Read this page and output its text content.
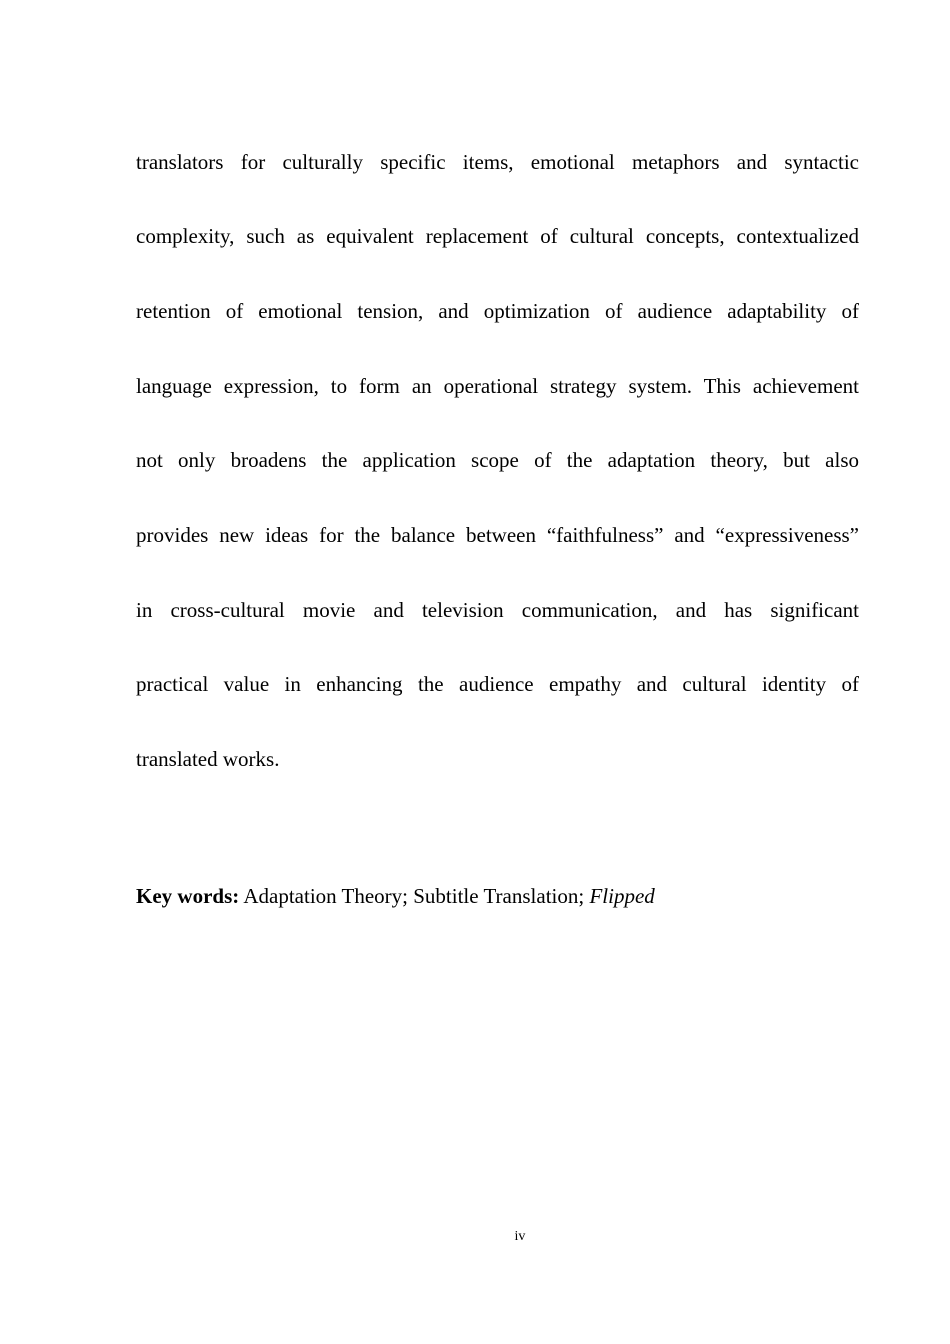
translators for culturally specific items, emotional metaphors and syntactic
complexity, such as equivalent replacement of cultural concepts, contextualized
retention of emotional tension, and optimization of audience adaptability of
language expression, to form an operational strategy system. This achievement
not only broadens the application scope of the adaptation theory, but also
provides new ideas for the balance between “faithfulness” and “expressiveness”
in cross-cultural movie and television communication, and has significant
practical value in enhancing the audience empathy and cultural identity of
translated works.
Key words: Adaptation Theory; Subtitle Translation; Flipped
iv
